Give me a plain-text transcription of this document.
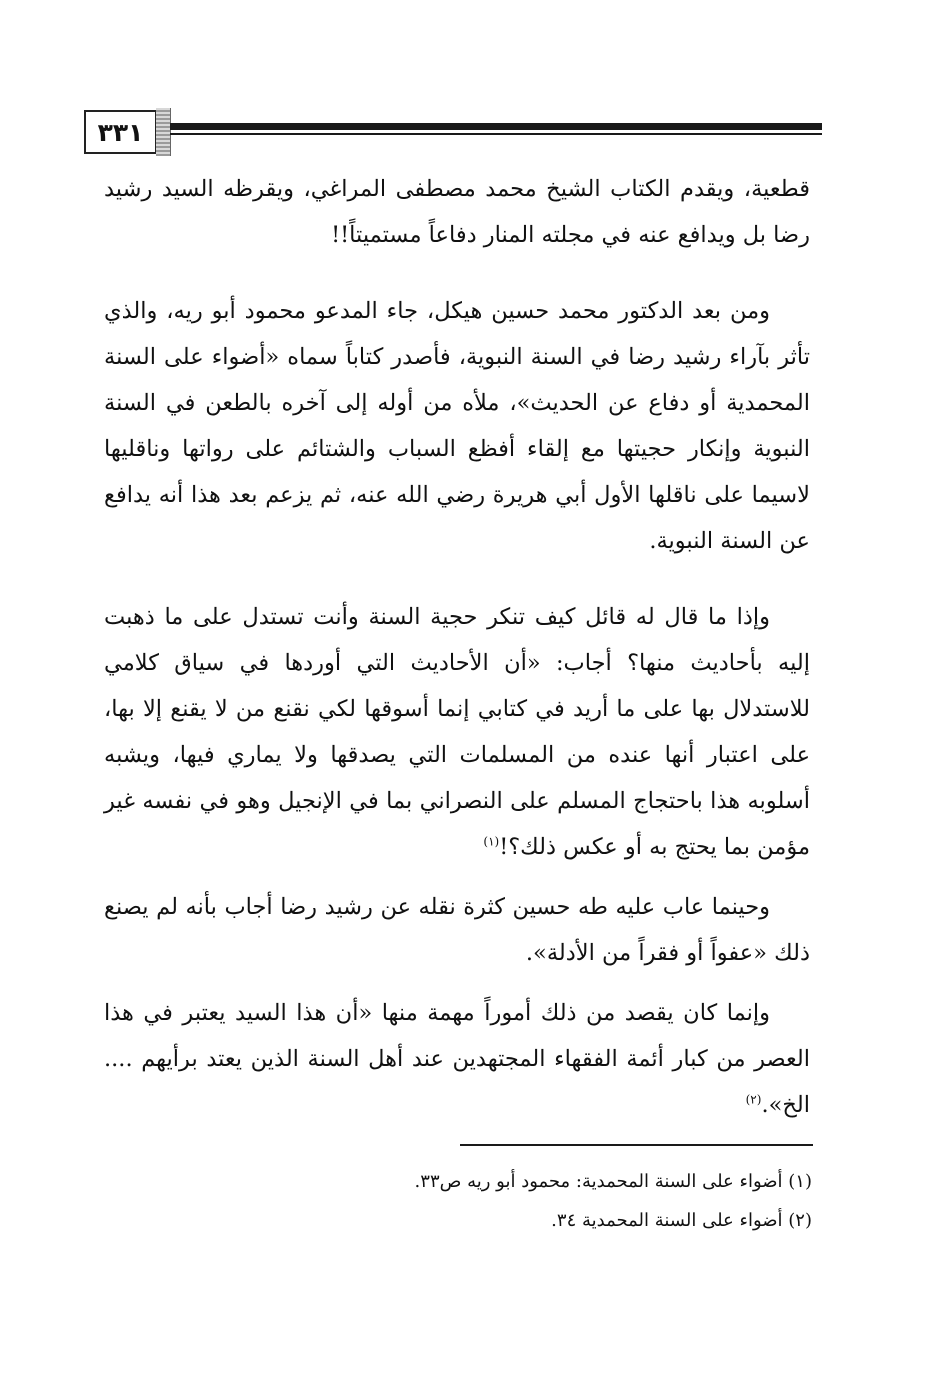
٣٣١
قطعية، ويقدم الكتاب الشيخ محمد مصطفى المراغي، ويقرظه السيد رشيد رضا بل ويدافع عنه في مجلته المنار دفاعاً مستميتاً!!
ومن بعد الدكتور محمد حسين هيكل، جاء المدعو محمود أبو ريه، والذي تأثر بآراء رشيد رضا في السنة النبوية، فأصدر كتاباً سماه «أضواء على السنة المحمدية أو دفاع عن الحديث»، ملأه من أوله إلى آخره بالطعن في السنة النبوية وإنكار حجيتها مع إلقاء أفظع السباب والشتائم على رواتها وناقليها لاسيما على ناقلها الأول أبي هريرة رضي الله عنه، ثم يزعم بعد هذا أنه يدافع عن السنة النبوية.
وإذا ما قال له قائل كيف تنكر حجية السنة وأنت تستدل على ما ذهبت إليه بأحاديث منها؟ أجاب: «أن الأحاديث التي أوردها في سياق كلامي للاستدلال بها على ما أريد في كتابي إنما أسوقها لكي نقنع من لا يقنع إلا بها، على اعتبار أنها عنده من المسلمات التي يصدقها ولا يماري فيها، ويشبه أسلوبه هذا باحتجاج المسلم على النصراني بما في الإنجيل وهو في نفسه غير مؤمن بما يحتج به أو عكس ذلك؟!$^{(١)}$
وحينما عاب عليه طه حسين كثرة نقله عن رشيد رضا أجاب بأنه لم يصنع ذلك «عفواً أو فقراً من الأدلة».
وإنما كان يقصد من ذلك أموراً مهمة منها «أن هذا السيد يعتبر في هذا العصر من كبار أئمة الفقهاء المجتهدين عند أهل السنة الذين يعتد برأيهم .... الخ».$^{(٢)}$
(١) أضواء على السنة المحمدية: محمود أبو ريه ص٣٣.
(٢) أضواء على السنة المحمدية ٣٤.
